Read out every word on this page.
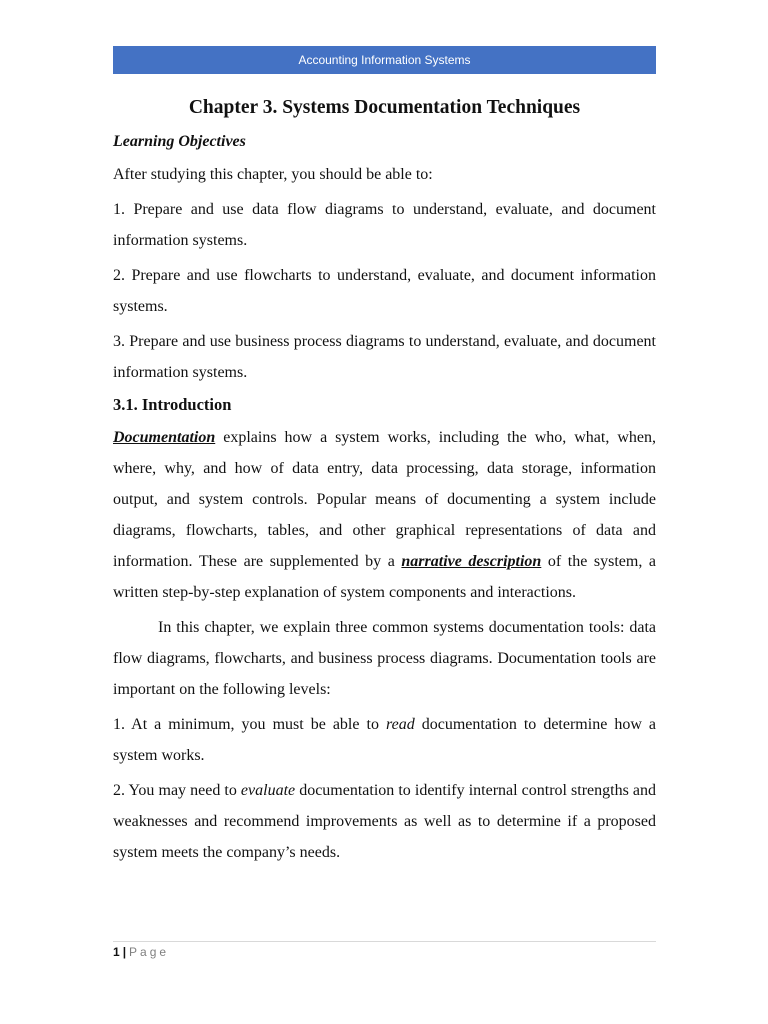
Accounting Information Systems
Chapter 3. Systems Documentation Techniques

Learning Objectives

After studying this chapter, you should be able to:

1. Prepare and use data flow diagrams to understand, evaluate, and document information systems.

2. Prepare and use flowcharts to understand, evaluate, and document information systems.

3. Prepare and use business process diagrams to understand, evaluate, and document information systems.

3.1. Introduction

Documentation explains how a system works, including the who, what, when, where, why, and how of data entry, data processing, data storage, information output, and system controls. Popular means of documenting a system include diagrams, flowcharts, tables, and other graphical representations of data and information. These are supplemented by a narrative description of the system, a written step-by-step explanation of system components and interactions.

In this chapter, we explain three common systems documentation tools: data flow diagrams, flowcharts, and business process diagrams. Documentation tools are important on the following levels:

1. At a minimum, you must be able to read documentation to determine how a system works.

2. You may need to evaluate documentation to identify internal control strengths and weaknesses and recommend improvements as well as to determine if a proposed system meets the company’s needs.

1 | Page
